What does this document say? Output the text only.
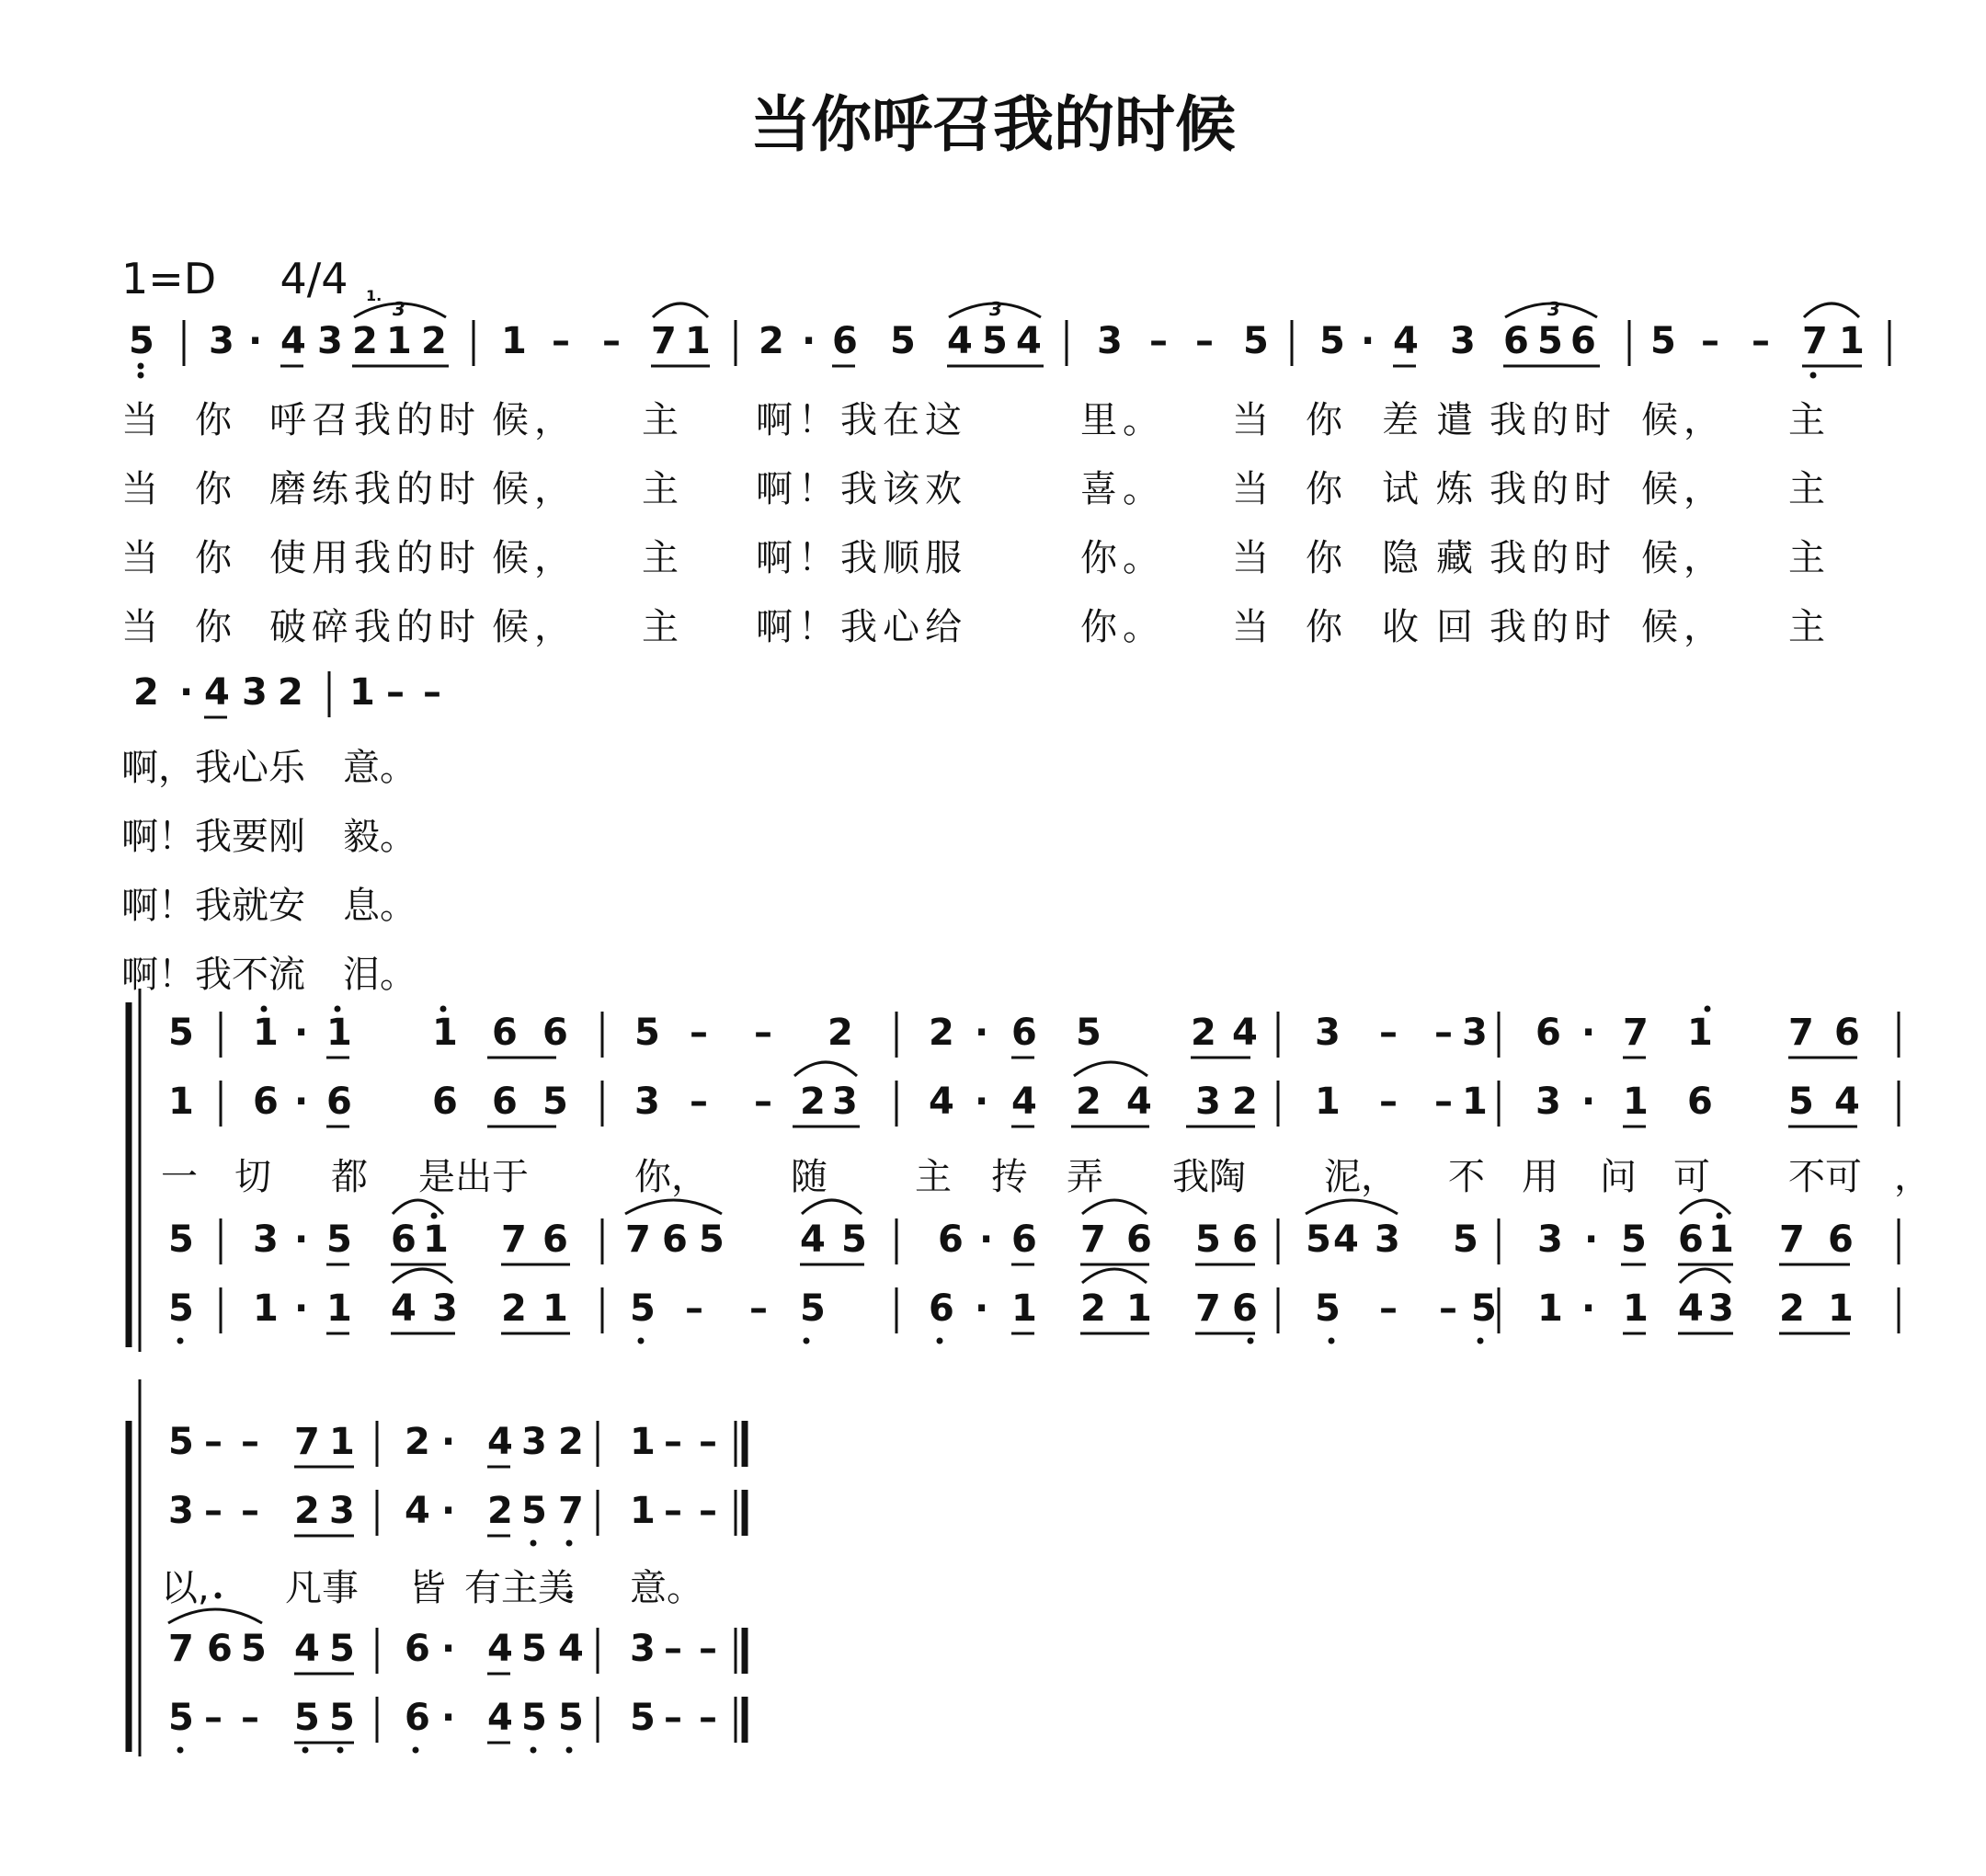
当你呼召我的时候
1=D 4/4
5 3 · 4 3 2 1 2
3
1.
1 – – 7 1 2 · 6 5 4 5 4
3
3 – – 5 5 · 4 3 6 5 6
3
5 – – 7 1
当 你 呼召我的时 候， 主 啊！我在这	里。 当 你 差 遣 我的时 候， 主
当 你 磨练我的时 候， 主 啊！我该欢	喜。 当 你 试 炼 我的时 候， 主
当 你 使用我的时 候， 主 啊！我顺服	你。 当 你 隐 藏 我的时 候， 主
当 你 破碎我的时 候， 主 啊！我心给	你。 当 你 收 回 我的时 候， 主
2 · 4 3 2 1 – –
啊，我心乐 意。
啊！我要刚 毅。
啊！我就安 息。
啊！我不流 泪。
5 1 · 1 1 6 6 5 – – 2 2 · 6 5 2 4 3 – – 3 6 · 7 1 7 6
1 6 · 6 6 6 5 3 – – 2 3 4 · 4 2 4 3 2 1 – – 1 3 · 1 6 5 4
一 切 都 是出于	你， 随 主 抟 弄 我陶 泥， 不 用 问 可 不可 ，
5 3 · 5 6 1 7 6 7 6 5 4 5 6 · 6 7 6 5 6 5 4 3 5 3 · 5 6 1 7 6
5 1 · 1 4 3 2 1 5 – – 5	6 · 1 2 1 7 6 5 – – 5 1 · 1 4 3 2 1
5 – – 7 1 2 · 4 3 2 1 – –
3 – – 2 3 4 · 2 5 7 1 – –
7 6 5 4 5 6 · 4 5 4 3 – –
5 – – 5 5 6 · 4 5 5 5 – –
以, 凡事 皆 有主美 意。
